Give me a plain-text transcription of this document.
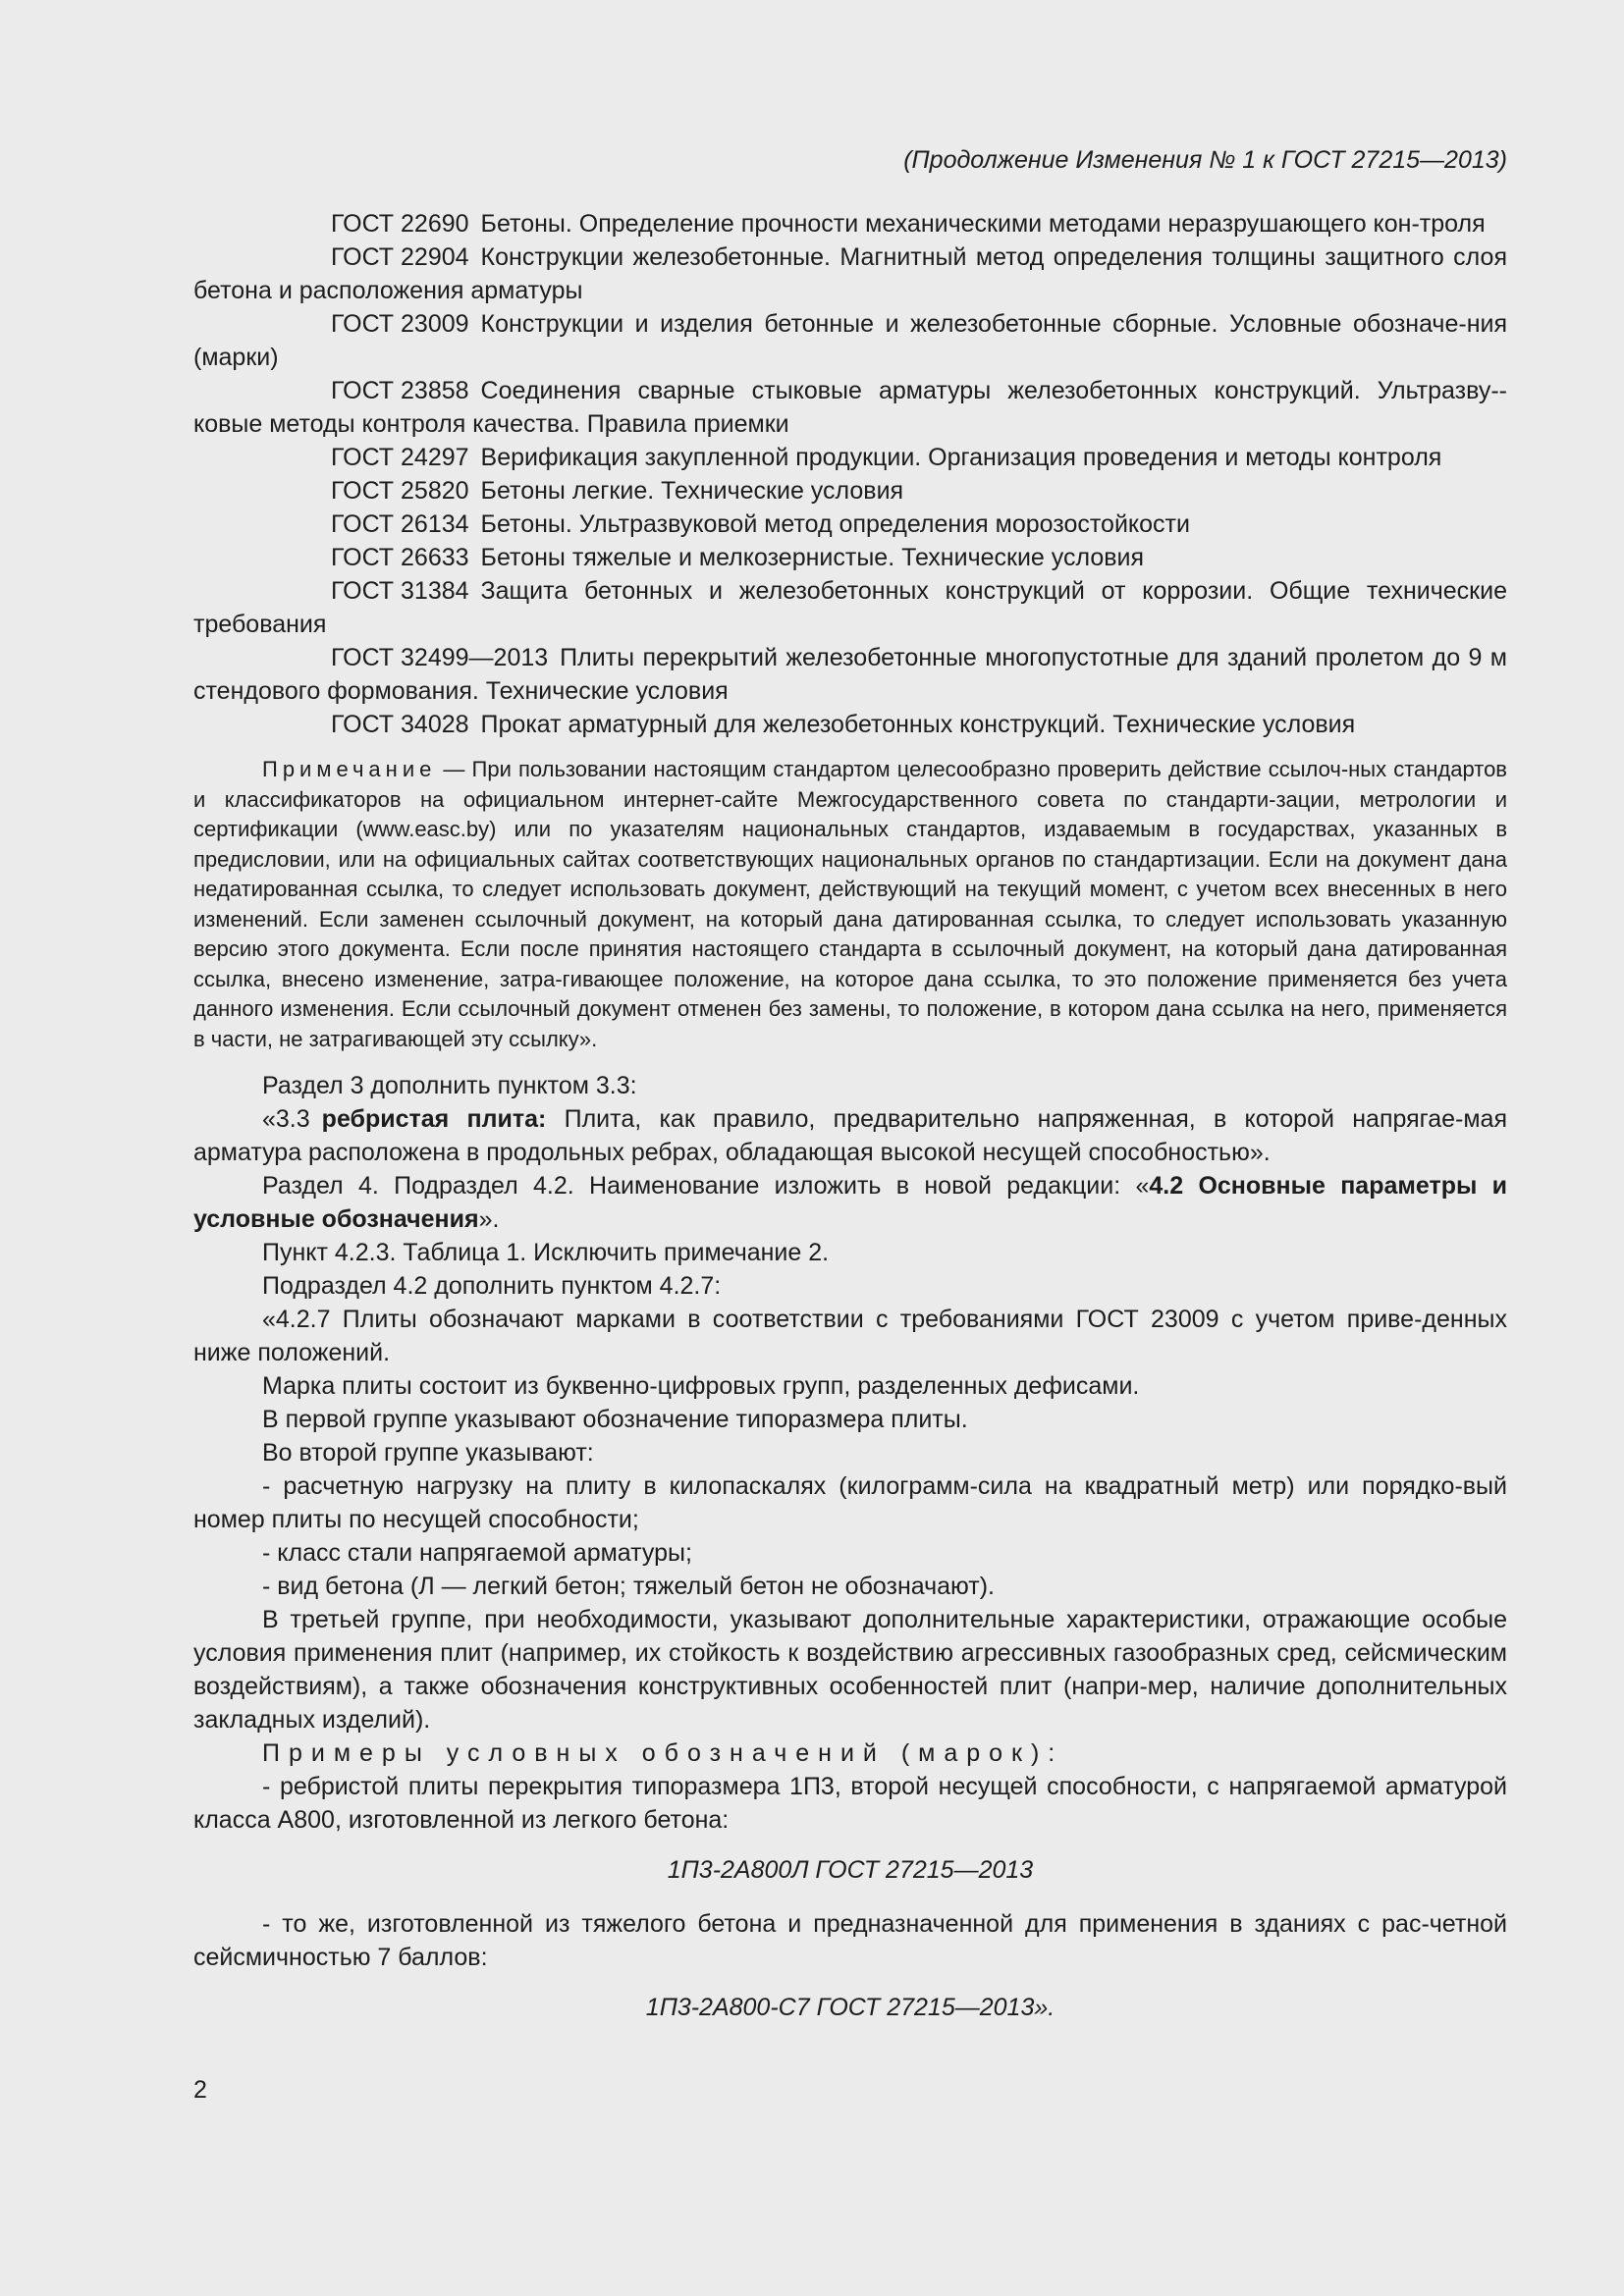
(Продолжение Изменения № 1 к ГОСТ 27215—2013)

ГОСТ 22690 Бетоны. Определение прочности механическими методами неразрушающего кон-троля

ГОСТ 22904 Конструкции железобетонные. Магнитный метод определения толщины защитного слоя бетона и расположения арматуры

ГОСТ 23009 Конструкции и изделия бетонные и железобетонные сборные. Условные обозначе-ния (марки)

ГОСТ 23858 Соединения сварные стыковые арматуры железобетонных конструкций. Ультразву-ковые методы контроля качества. Правила приемки

ГОСТ 24297 Верификация закупленной продукции. Организация проведения и методы контроля

ГОСТ 25820 Бетоны легкие. Технические условия

ГОСТ 26134 Бетоны. Ультразвуковой метод определения морозостойкости

ГОСТ 26633 Бетоны тяжелые и мелкозернистые. Технические условия

ГОСТ 31384 Защита бетонных и железобетонных конструкций от коррозии. Общие технические требования

ГОСТ 32499—2013 Плиты перекрытий железобетонные многопустотные для зданий пролетом до 9 м стендового формования. Технические условия

ГОСТ 34028 Прокат арматурный для железобетонных конструкций. Технические условия

Примечание — При пользовании настоящим стандартом целесообразно проверить действие ссылоч-ных стандартов и классификаторов на официальном интернет-сайте Межгосударственного совета по стандарти-зации, метрологии и сертификации (www.easc.by) или по указателям национальных стандартов, издаваемым в государствах, указанных в предисловии, или на официальных сайтах соответствующих национальных органов по стандартизации. Если на документ дана недатированная ссылка, то следует использовать документ, действующий на текущий момент, с учетом всех внесенных в него изменений. Если заменен ссылочный документ, на который дана датированная ссылка, то следует использовать указанную версию этого документа. Если после принятия настоящего стандарта в ссылочный документ, на который дана датированная ссылка, внесено изменение, затра-гивающее положение, на которое дана ссылка, то это положение применяется без учета данного изменения. Если ссылочный документ отменен без замены, то положение, в котором дана ссылка на него, применяется в части, не затрагивающей эту ссылку».

Раздел 3 дополнить пунктом 3.3:

«3.3 ребристая плита: Плита, как правило, предварительно напряженная, в которой напрягае-мая арматура расположена в продольных ребрах, обладающая высокой несущей способностью».

Раздел 4. Подраздел 4.2. Наименование изложить в новой редакции: «4.2 Основные параметры и условные обозначения».

Пункт 4.2.3. Таблица 1. Исключить примечание 2.

Подраздел 4.2 дополнить пунктом 4.2.7:

«4.2.7 Плиты обозначают марками в соответствии с требованиями ГОСТ 23009 с учетом приве-денных ниже положений.

Марка плиты состоит из буквенно-цифровых групп, разделенных дефисами.

В первой группе указывают обозначение типоразмера плиты.

Во второй группе указывают:

- расчетную нагрузку на плиту в килопаскалях (килограмм-сила на квадратный метр) или порядко-вый номер плиты по несущей способности;

- класс стали напрягаемой арматуры;

- вид бетона (Л — легкий бетон; тяжелый бетон не обозначают).

В третьей группе, при необходимости, указывают дополнительные характеристики, отражающие особые условия применения плит (например, их стойкость к воздействию агрессивных газообразных сред, сейсмическим воздействиям), а также обозначения конструктивных особенностей плит (напри-мер, наличие дополнительных закладных изделий).

Примеры условных обозначений (марок):

- ребристой плиты перекрытия типоразмера 1П3, второй несущей способности, с напрягаемой арматурой класса А800, изготовленной из легкого бетона:

1П3-2А800Л ГОСТ 27215—2013

- то же, изготовленной из тяжелого бетона и предназначенной для применения в зданиях с рас-четной сейсмичностью 7 баллов:

1П3-2А800-С7 ГОСТ 27215—2013».

2
